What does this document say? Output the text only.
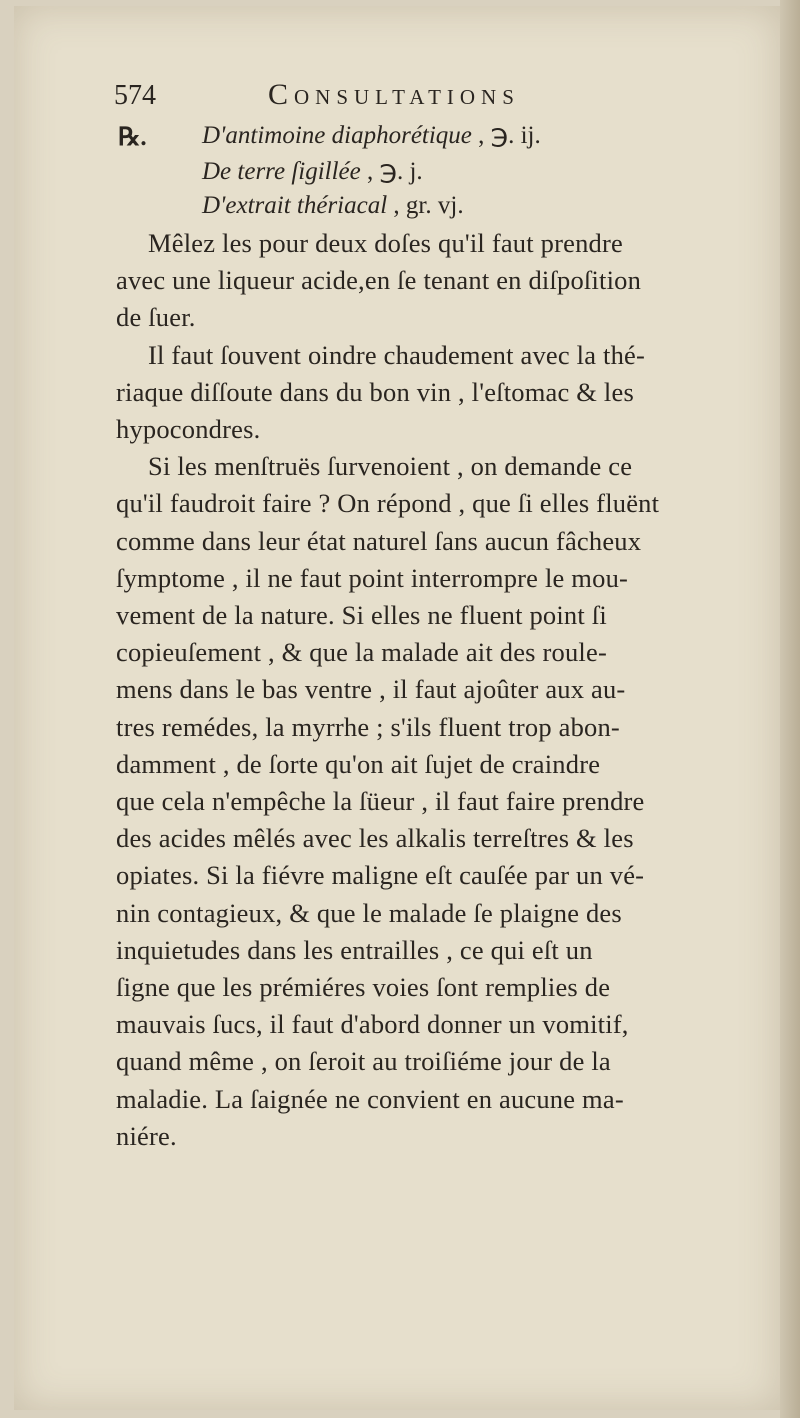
574	Consultations
℞. D'antimoine diaphorétique , ℈. ij.
De terre ſigillée , ℈. j.
D'extrait thériacal , gr. vj.
Mêlez les pour deux doſes qu'il faut prendre
avec une liqueur acide,en ſe tenant en diſpoſition
de ſuer.
Il faut ſouvent oindre chaudement avec la thé-
riaque diſſoute dans du bon vin , l'eſtomac & les
hypocondres.
Si les menſtruës ſurvenoient , on demande ce
qu'il faudroit faire ? On répond , que ſi elles fluënt
comme dans leur état naturel ſans aucun fâcheux
ſymptome , il ne faut point interrompre le mou-
vement de la nature. Si elles ne fluent point ſi
copieuſement , & que la malade ait des roule-
mens dans le bas ventre , il faut ajoûter aux au-
tres remédes, la myrrhe ; s'ils fluent trop abon-
damment , de ſorte qu'on ait ſujet de craindre
que cela n'empêche la ſüeur , il faut faire prendre
des acides mêlés avec les alkalis terreſtres & les
opiates. Si la fiévre maligne eſt cauſée par un vé-
nin contagieux, & que le malade ſe plaigne des
inquietudes dans les entrailles , ce qui eſt un
ſigne que les prémiéres voies ſont remplies de
mauvais ſucs, il faut d'abord donner un vomitif,
quand même , on ſeroit au troiſiéme jour de la
maladie. La ſaignée ne convient en aucune ma-
niére.
